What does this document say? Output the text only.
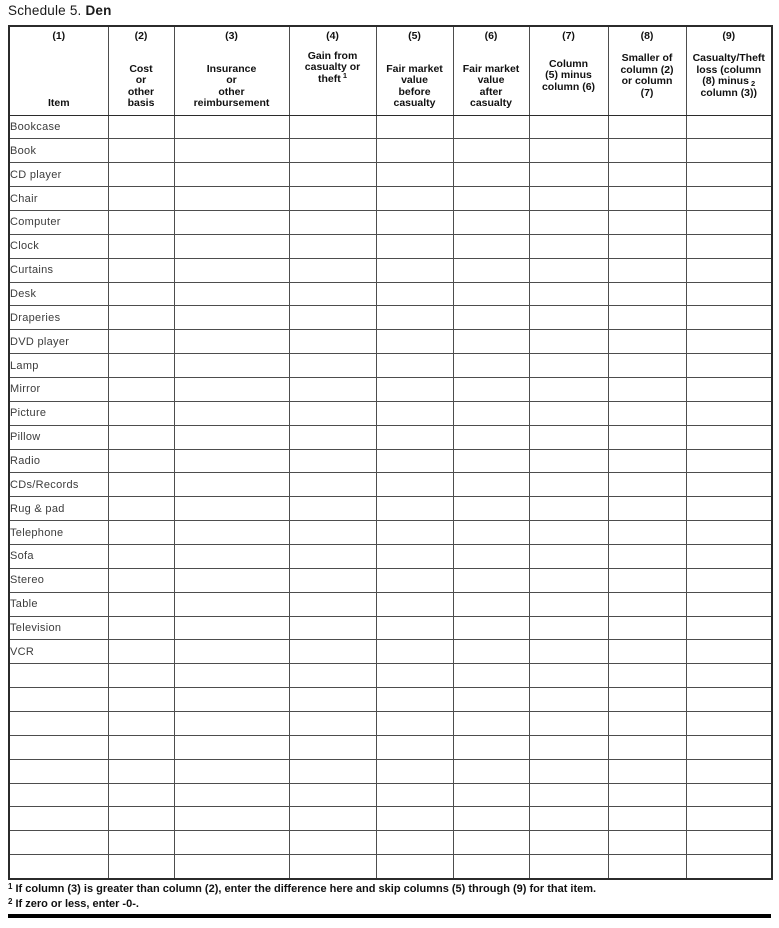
Schedule 5. Den
(1)
Item

(2)
Cost
or
other
basis

(3)
Insurance
or
other
reimbursement

(4)
Gain from
casualty or
theft $^1$

(5)
Fair market
value
before
casualty

(6)
Fair market
value
after
casualty

(7)
Column
(5) minus
column (6)

(8)
Smaller of
column (2)
or column
(7)

(9)
Casualty/Theft
loss (column
(8) minus $_2$
column (3))

Bookcase								
Book								
CD player								
Chair								
Computer								
Clock								
Curtains								
Desk								
Draperies								
DVD player								
Lamp								
Mirror								
Picture								
Pillow								
Radio								
CDs/Records								
Rug & pad								
Telephone								
Sofa								
Stereo								
Table								
Television								
VCR								

$^1$ If column (3) is greater than column (2), enter the difference here and skip columns (5) through (9) for that item.
$^2$ If zero or less, enter -0-.
